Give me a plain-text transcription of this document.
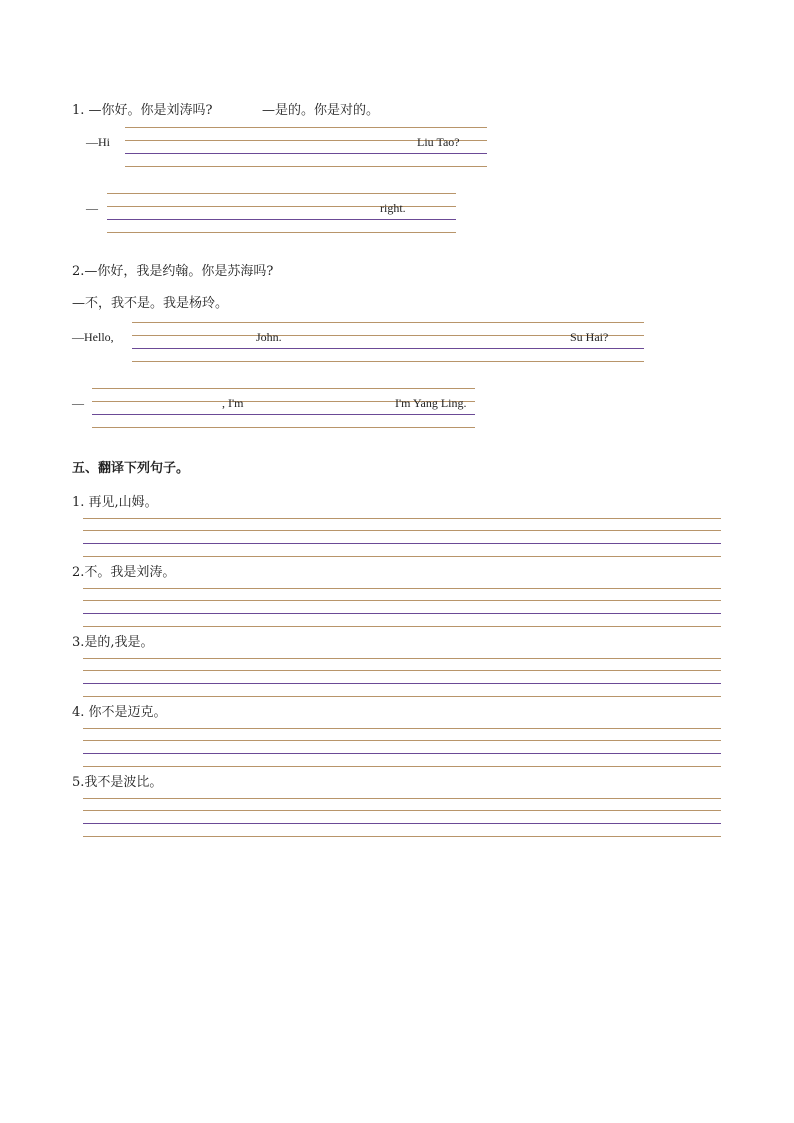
1. —你好。你是刘涛吗?	—是的。你是对的。
—Hi	Liu Tao?
—	right.
2.—你好，我是约翰。你是苏海吗?
—不，我不是。我是杨玲。
—Hello,	John.	Su Hai?
—	, I'm	I'm Yang Ling.
五、翻译下列句子。
1. 再见,山姆。
2.不。我是刘涛。
3.是的,我是。
4. 你不是迈克。
5.我不是波比。
